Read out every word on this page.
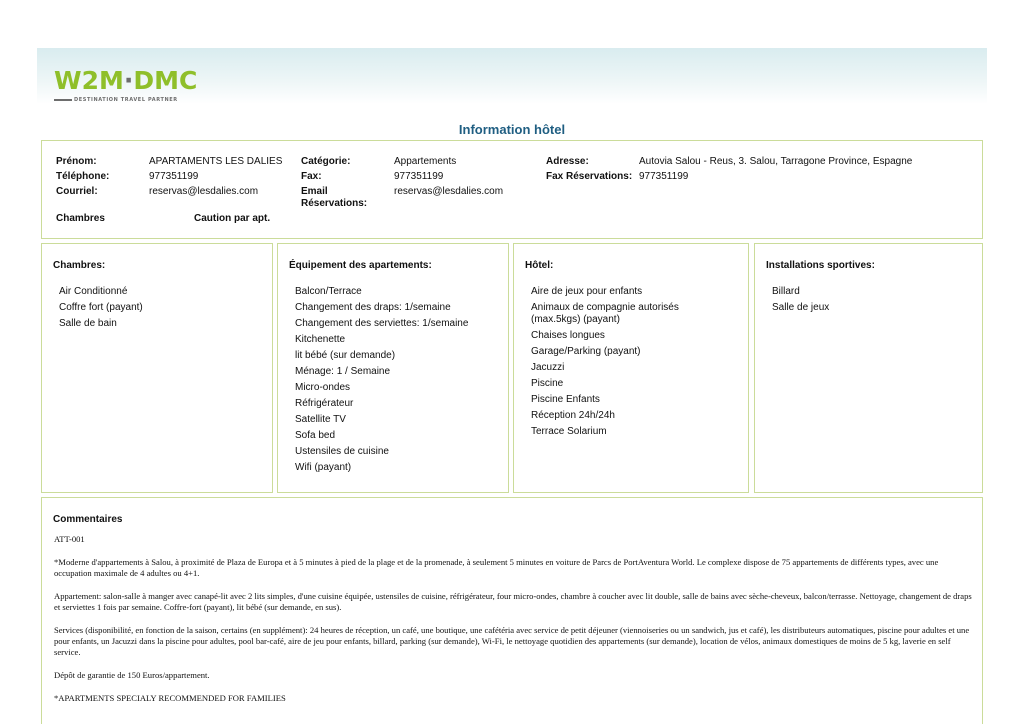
W2M·DMC
DESTINATION TRAVEL PARTNER
Information hôtel
Prénom:	APARTAMENTS LES DALIES
Téléphone:	977351199
Courriel:	reservas@lesdalies.com
Catégorie:	Appartements
Fax:	977351199
Email
Réservations:
reservas@lesdalies.com
Adresse:	Autovia Salou - Reus, 3. Salou, Tarragone Province, Espagne
Fax Réservations: 977351199
Chambres	Caution par apt.
Chambres:
Air Conditionné
Coffre fort (payant)
Salle de bain
Équipement des apartements:
Balcon/Terrace
Changement des draps: 1/semaine
Changement des serviettes: 1/semaine
Kitchenette
lit bébé (sur demande)
Ménage: 1 / Semaine
Micro-ondes
Réfrigérateur
Satellite TV
Sofa bed
Ustensiles de cuisine
Wifi (payant)
Hôtel:
Aire de jeux pour enfants
Animaux de compagnie autorisés (max.5kgs) (payant)
Chaises longues
Garage/Parking (payant)
Jacuzzi
Piscine
Piscine Enfants
Réception 24h/24h
Terrace Solarium
Installations sportives:
Billard
Salle de jeux
Commentaires

ATT-001

*Moderne d'appartements à Salou, à proximité de Plaza de Europa et à 5 minutes à pied de la plage et de la promenade, à seulement 5 minutes en voiture de Parcs de PortAventura World. Le complexe dispose de 75 appartements de différents types, avec une occupation maximale de 4 adultes ou 4+1.

Appartement: salon-salle à manger avec canapé-lit avec 2 lits simples, d'une cuisine équipée, ustensiles de cuisine, réfrigérateur, four micro-ondes, chambre à coucher avec lit double, salle de bains avec sèche-cheveux, balcon/terrasse. Nettoyage, changement de draps et serviettes 1 fois par semaine. Coffre-fort (payant), lit bébé (sur demande, en sus).

Services (disponibilité, en fonction de la saison, certains (en supplément): 24 heures de réception, un café, une boutique, une cafétéria avec service de petit déjeuner (viennoiseries ou un sandwich, jus et café), les distributeurs automatiques, piscine pour adultes et une pour enfants, un Jacuzzi dans la piscine pour adultes, pool bar-café, aire de jeu pour enfants, billard, parking (sur demande), Wi-Fi, le nettoyage quotidien des appartements (sur demande), location de vélos, animaux domestiques de moins de 5 kg, laverie en self service.

Dépôt de garantie de 150 Euros/appartement.

*APARTMENTS SPECIALY RECOMMENDED FOR FAMILIES
